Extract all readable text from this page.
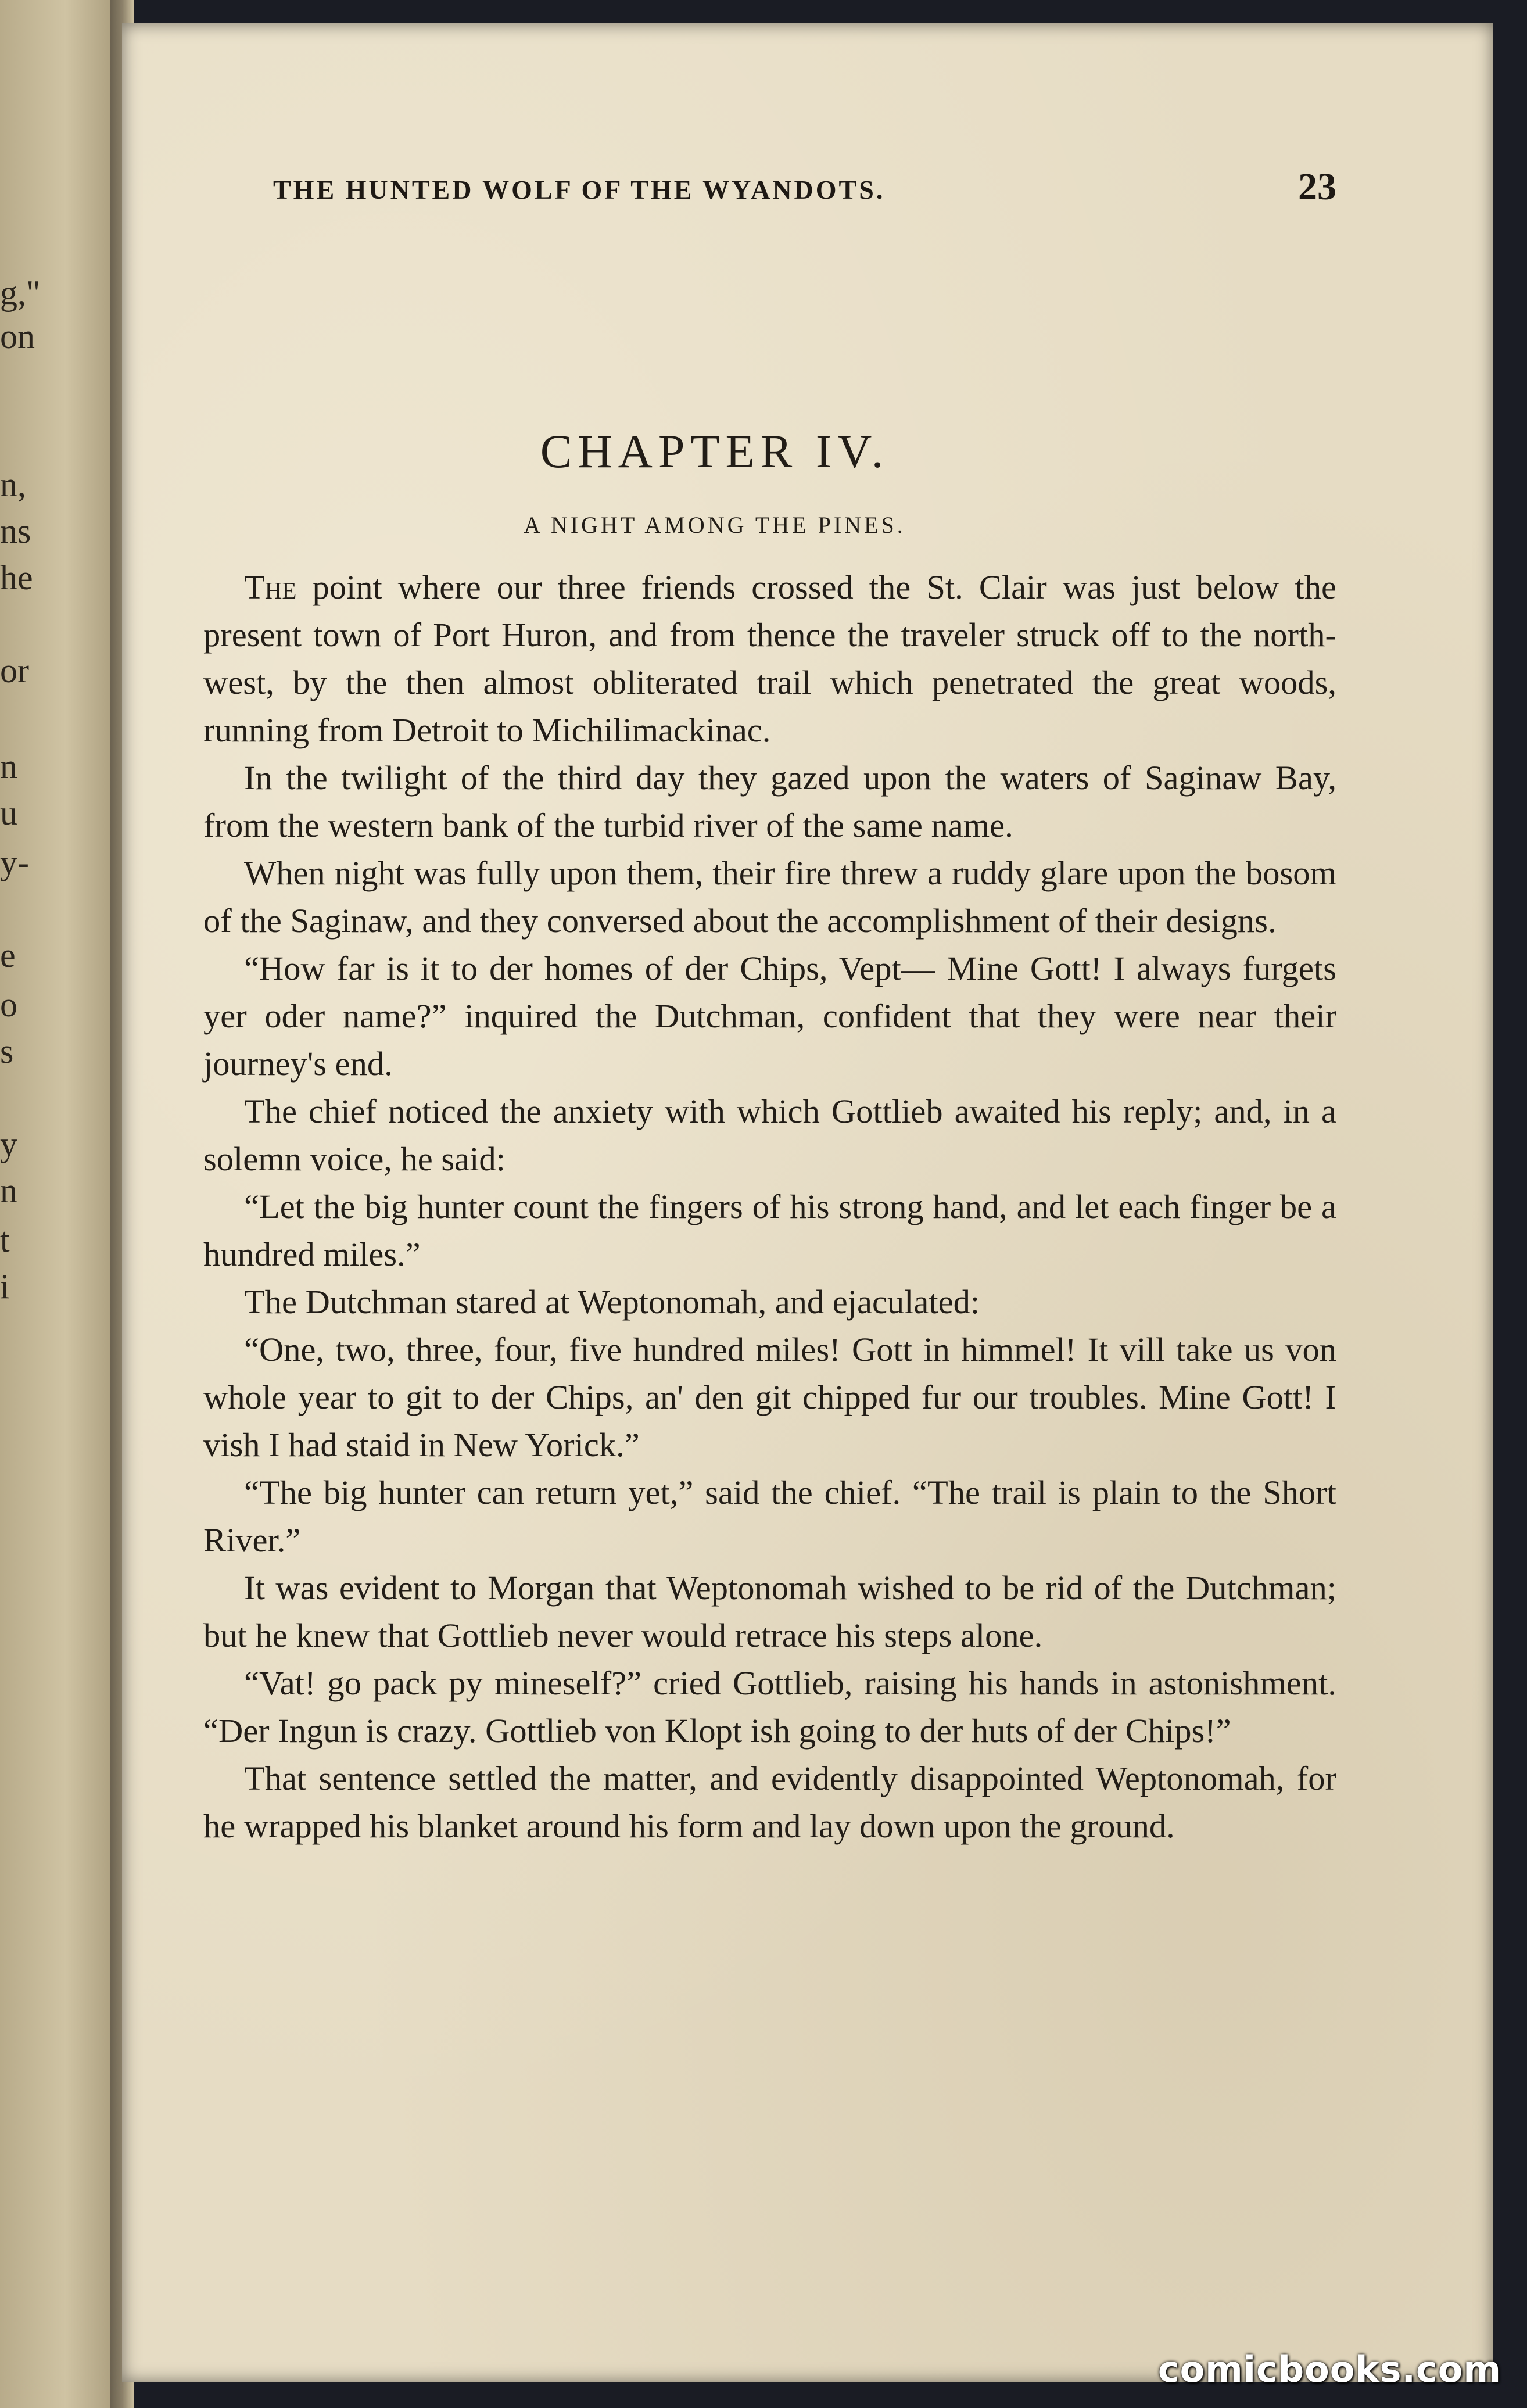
g,"
on
n,
ns
he
or
n
u
y-
e
o
s
y
n
t
i
THE HUNTED WOLF OF THE WYANDOTS.	23
CHAPTER IV.
A NIGHT AMONG THE PINES.

The point where our three friends crossed the St. Clair was just below the present town of Port Huron, and from thence the traveler struck off to the north-west, by the then almost obliterated trail which penetrated the great woods, running from Detroit to Michilimackinac.

In the twilight of the third day they gazed upon the waters of Saginaw Bay, from the western bank of the turbid river of the same name.

When night was fully upon them, their fire threw a ruddy glare upon the bosom of the Saginaw, and they conversed about the accomplishment of their designs.

“How far is it to der homes of der Chips, Vept— Mine Gott! I always furgets yer oder name?” inquired the Dutchman, confident that they were near their journey's end.

The chief noticed the anxiety with which Gottlieb awaited his reply; and, in a solemn voice, he said:

“Let the big hunter count the fingers of his strong hand, and let each finger be a hundred miles.”

The Dutchman stared at Weptonomah, and ejaculated:

“One, two, three, four, five hundred miles! Gott in himmel! It vill take us von whole year to git to der Chips, an' den git chipped fur our troubles. Mine Gott! I vish I had staid in New Yorick.”

“The big hunter can return yet,” said the chief. “The trail is plain to the Short River.”

It was evident to Morgan that Weptonomah wished to be rid of the Dutchman; but he knew that Gottlieb never would retrace his steps alone.

“Vat! go pack py mineself?” cried Gottlieb, raising his hands in astonishment. “Der Ingun is crazy. Gottlieb von Klopt ish going to der huts of der Chips!”

That sentence settled the matter, and evidently disappointed Weptonomah, for he wrapped his blanket around his form and lay down upon the ground.

comicbooks.com
